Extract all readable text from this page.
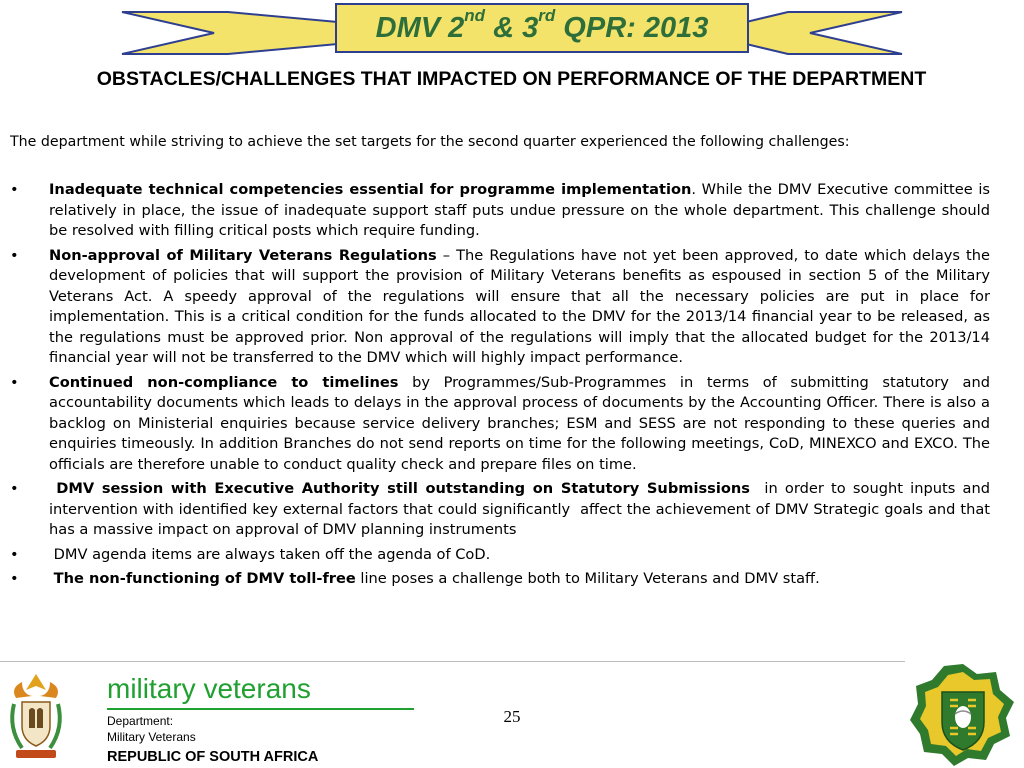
DMV 2nd & 3rd QPR: 2013
OBSTACLES/CHALLENGES THAT IMPACTED ON PERFORMANCE OF THE DEPARTMENT
The department while striving to achieve the set targets for the second quarter experienced the following challenges:
•	Inadequate technical competencies essential for programme implementation. While the DMV Executive committee is relatively in place, the issue of inadequate support staff puts undue pressure on the whole department. This challenge should be resolved with filling critical posts which require funding.
•	Non-approval of Military Veterans Regulations – The Regulations have not yet been approved, to date which delays the development of policies that will support the provision of Military Veterans benefits as espoused in section 5 of the Military Veterans Act. A speedy approval of the regulations will ensure that all the necessary policies are put in place for implementation. This is a critical condition for the funds allocated to the DMV for the 2013/14 financial year to be released, as the regulations must be approved prior. Non approval of the regulations will imply that the allocated budget for the 2013/14 financial year will not be transferred to the DMV which will highly impact performance.
•	Continued non-compliance to timelines by Programmes/Sub-Programmes in terms of submitting statutory and accountability documents which leads to delays in the approval process of documents by the Accounting Officer. There is also a backlog on Ministerial enquiries because service delivery branches; ESM and SESS are not responding to these queries and enquiries timeously. In addition Branches do not send reports on time for the following meetings, CoD, MINEXCO and EXCO. The officials are therefore unable to conduct quality check and prepare files on time.
•	DMV session with Executive Authority still outstanding on Statutory Submissions  in order to sought inputs and intervention with identified key external factors that could significantly  affect the achievement of DMV Strategic goals and that has a massive impact on approval of DMV planning instruments
•	DMV agenda items are always taken off the agenda of CoD.
•	The non-functioning of DMV toll-free line poses a challenge both to Military Veterans and DMV staff.
military veterans
Department:
Military Veterans
REPUBLIC OF SOUTH AFRICA
25
